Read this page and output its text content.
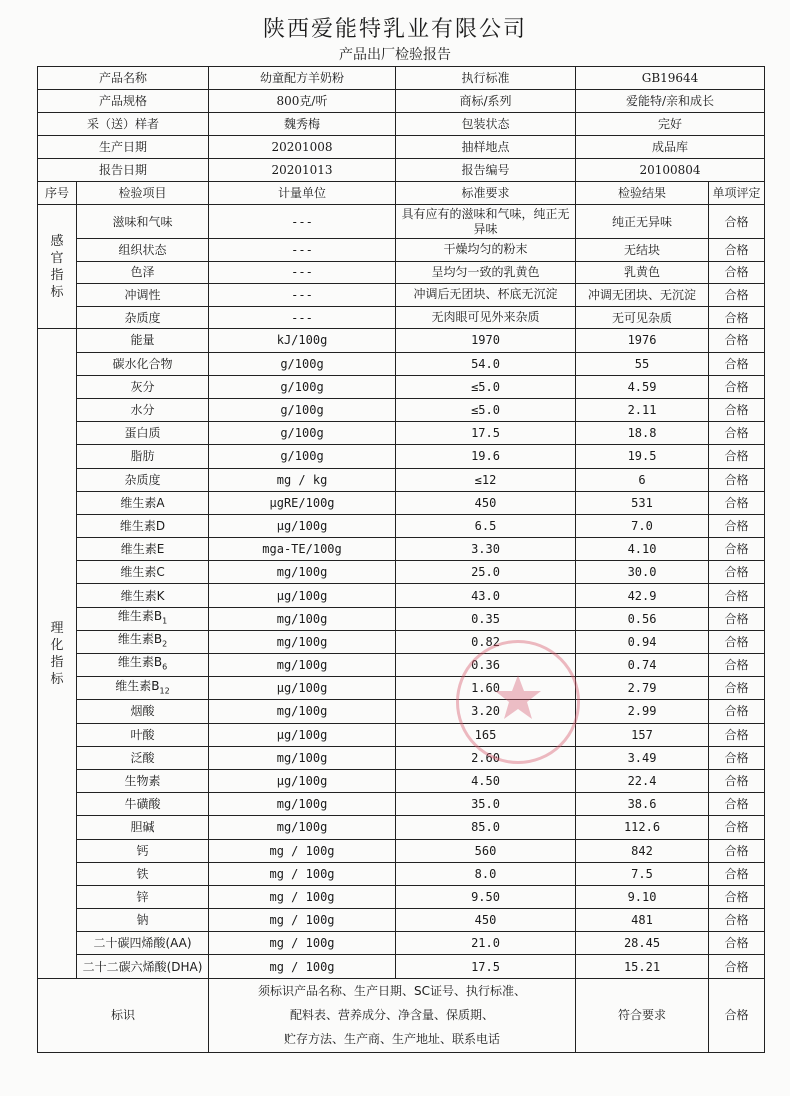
陕西爱能特乳业有限公司
产品出厂检验报告
产品名称		幼童配方羊奶粉	执行标准	GB19644	
产品规格		800克/听	商标/系列	爱能特/亲和成长	
采（送）样者		魏秀梅	包装状态	完好	
生产日期		20201008	抽样地点	成品库	
报告日期		20201013	报告编号	20100804	
序号	检验项目	计量单位	标准要求	检验结果	单项评定

感
官
指
标	滋味和气味	---	具有应有的滋味和气味，纯正无异味	纯正无异味	合格
	组织状态	---	干燥均匀的粉末	无结块	合格
	色泽	---	呈均匀一致的乳黄色	乳黄色	合格
	冲调性	---	冲调后无团块、杯底无沉淀	冲调无团块、无沉淀	合格
	杂质度	---	无肉眼可见外来杂质	无可见杂质	合格

理
化
指
标	能量	kJ/100g	1970	1976	合格
	碳水化合物	g/100g	54.0	55	合格
	灰分	g/100g	≤5.0	4.59	合格
	水分	g/100g	≤5.0	2.11	合格
	蛋白质	g/100g	17.5	18.8	合格
	脂肪	g/100g	19.6	19.5	合格
	杂质度	mg / kg	≤12	6	合格
	维生素A	μgRE/100g	450	531	合格
	维生素D	μg/100g	6.5	7.0	合格
	维生素E	mga-TE/100g	3.30	4.10	合格
	维生素C	mg/100g	25.0	30.0	合格
	维生素K	μg/100g	43.0	42.9	合格
	维生素$B_1$	mg/100g	0.35	0.56	合格
	维生素$B_2$	mg/100g	0.82	0.94	合格
	维生素$B_6$	mg/100g	0.36	0.74	合格
	维生素$B_{12}$	μg/100g	1.60	2.79	合格
	烟酸	mg/100g	3.20	2.99	合格
	叶酸	μg/100g	165	157	合格
	泛酸	mg/100g	2.60	3.49	合格
	生物素	μg/100g	4.50	22.4	合格
	牛磺酸	mg/100g	35.0	38.6	合格
	胆碱	mg/100g	85.0	112.6	合格
	钙	mg / 100g	560	842	合格
	铁	mg / 100g	8.0	7.5	合格
	锌	mg / 100g	9.50	9.10	合格
	钠	mg / 100g	450	481	合格
	二十碳四烯酸(AA)	mg / 100g	21.0	28.45	合格
	二十二碳六烯酸(DHA)	mg / 100g	17.5	15.21	合格
标识		须标识产品名称、生产日期、SC证号、执行标准、
配料表、营养成分、净含量、保质期、
贮存方法、生产商、生产地址、联系电话		符合要求	合格
